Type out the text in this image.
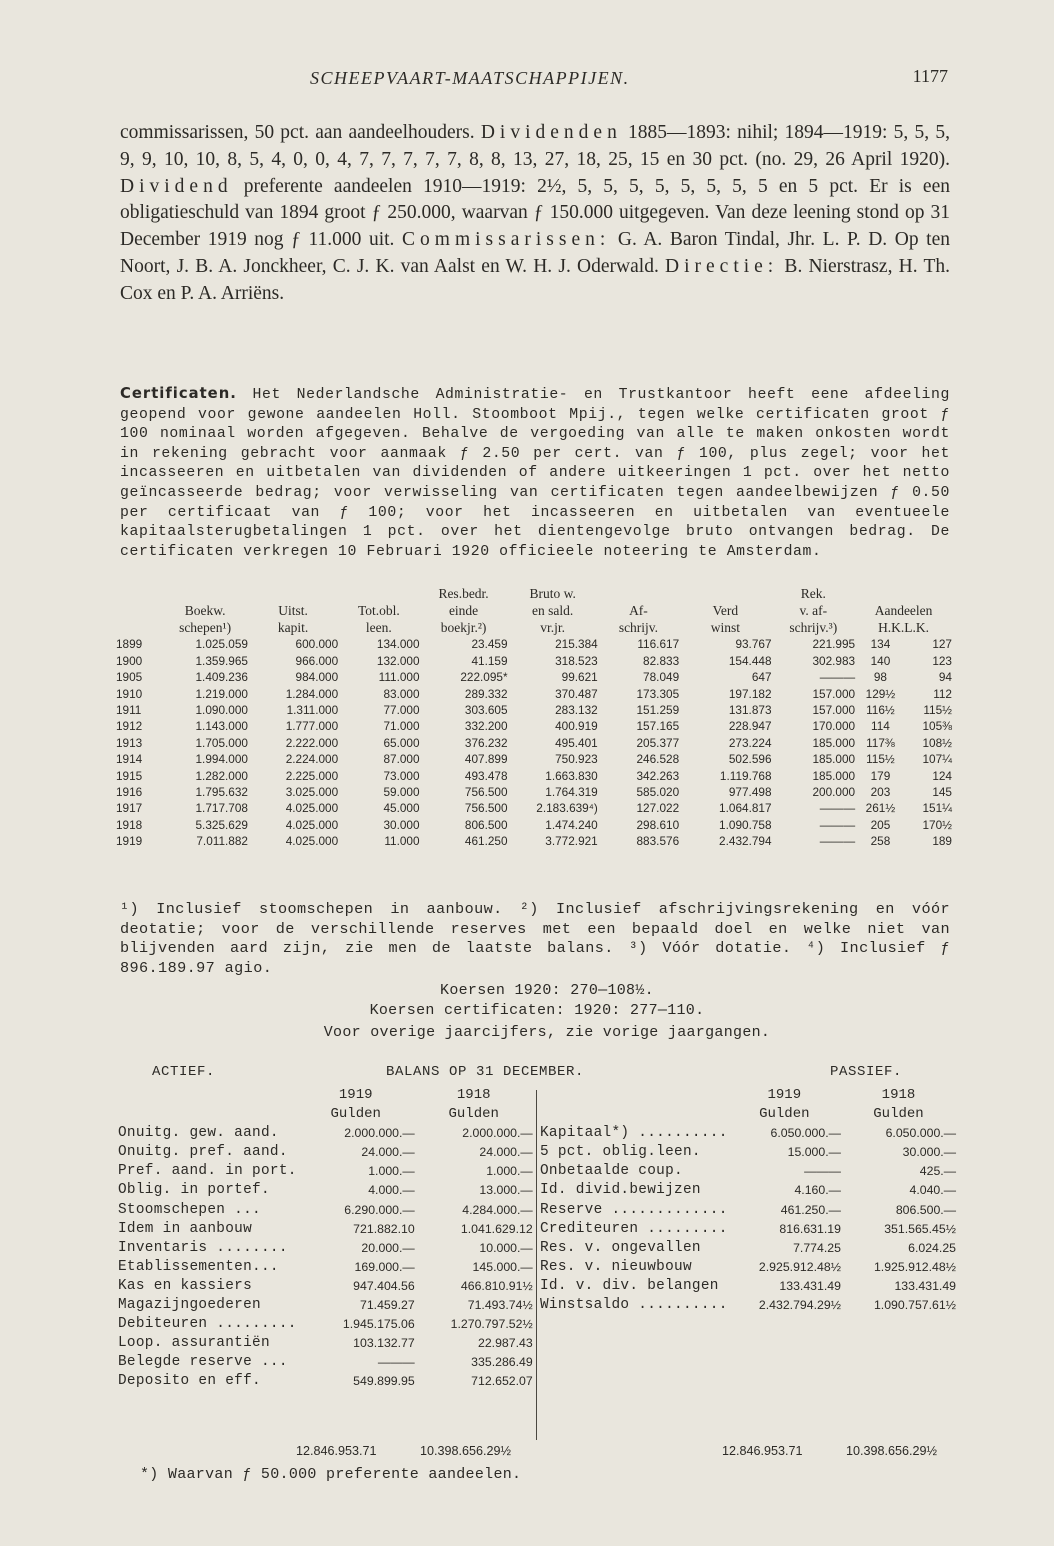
SCHEEPVAART-MAATSCHAPPIJEN.	1177
commissarissen, 50 pct. aan aandeelhouders. Dividenden 1885—1893: nihil; 1894—1919: 5, 5, 5, 9, 9, 10, 10, 8, 5, 4, 0, 0, 4, 7, 7, 7, 7, 7, 8, 8, 13, 27, 18, 25, 15 en 30 pct. (no. 29, 26 April 1920). Dividend preferente aandeelen 1910—1919: 2½, 5, 5, 5, 5, 5, 5, 5, 5 en 5 pct. Er is een obligatieschuld van 1894 groot ƒ 250.000, waarvan ƒ 150.000 uitgegeven. Van deze leening stond op 31 December 1919 nog ƒ 11.000 uit. Commissarissen: G. A. Baron Tindal, Jhr. L. P. D. Op ten Noort, J. B. A. Jonckheer, C. J. K. van Aalst en W. H. J. Oderwald. Directie: B. Nierstrasz, H. Th. Cox en P. A. Arriëns.
Certificaten. Het Nederlandsche Administratie- en Trustkantoor heeft eene afdeeling geopend voor gewone aandeelen Holl. Stoomboot Mpij., tegen welke certificaten groot ƒ 100 nominaal worden afgegeven. Behalve de vergoeding van alle te maken onkosten wordt in rekening gebracht voor aanmaak ƒ 2.50 per cert. van ƒ 100, plus zegel; voor het incasseeren en uitbetalen van dividenden of andere uitkeeringen 1 pct. over het netto geïncasseerde bedrag; voor verwisseling van certificaten tegen aandeelbewijzen ƒ 0.50 per certificaat van ƒ 100; voor het incasseeren en uitbetalen van eventueele kapitaalsterugbetalingen 1 pct. over het dientengevolge bruto ontvangen bedrag. De certificaten verkregen 10 Februari 1920 officieele noteering te Amsterdam.
				Res.bedr.	Bruto w.			Rek.		
	Boekw.	Uitst.	Tot.obl.	einde	en sald.	Af-	Verd	v. af-	Aandeelen	
	schepen¹)	kapit.	leen.	boekjr.²)	vr.jr.	schrijv.	winst	schrijv.³)	H.K.L.K.	
1899	1.025.059	600.000	134.000	23.459	215.384	116.617	93.767	221.995	134	127
1900	1.359.965	966.000	132.000	41.159	318.523	82.833	154.448	302.983	140	123
1905	1.409.236	984.000	111.000	222.095*	99.621	78.049	647	———	98	94
1910	1.219.000	1.284.000	83.000	289.332	370.487	173.305	197.182	157.000	129½	112
1911	1.090.000	1.311.000	77.000	303.605	283.132	151.259	131.873	157.000	116½	115½
1912	1.143.000	1.777.000	71.000	332.200	400.919	157.165	228.947	170.000	114	105⅜
1913	1.705.000	2.222.000	65.000	376.232	495.401	205.377	273.224	185.000	117⅜	108½
1914	1.994.000	2.224.000	87.000	407.899	750.923	246.528	502.596	185.000	115½	107¼
1915	1.282.000	2.225.000	73.000	493.478	1.663.830	342.263	1.119.768	185.000	179	124
1916	1.795.632	3.025.000	59.000	756.500	1.764.319	585.020	977.498	200.000	203	145
1917	1.717.708	4.025.000	45.000	756.500	2.183.639⁴)	127.022	1.064.817	———	261½	151¼
1918	5.325.629	4.025.000	30.000	806.500	1.474.240	298.610	1.090.758	———	205	170½
1919	7.011.882	4.025.000	11.000	461.250	3.772.921	883.576	2.432.794	———	258	189
¹) Inclusief stoomschepen in aanbouw. ²) Inclusief afschrijvingsrekening en vóór deotatie; voor de verschillende reserves met een bepaald doel en welke niet van blijvenden aard zijn, zie men de laatste balans. ³) Vóór dotatie. ⁴) Inclusief ƒ 896.189.97 agio.
Koersen 1920: 270—108½.
Koersen certificaten: 1920: 277—110.
Voor overige jaarcijfers, zie vorige jaargangen.
ACTIEF.	BALANS OP 31 DECEMBER.	PASSIEF.
	1919	1918
	Gulden	Gulden
Onuitg. gew. aand.	2.000.000.—	2.000.000.—
Onuitg. pref. aand.	24.000.—	24.000.—
Pref. aand. in port.	1.000.—	1.000.—
Oblig. in portef.	4.000.—	13.000.—
Stoomschepen ...	6.290.000.—	4.284.000.—
Idem in aanbouw	721.882.10	1.041.629.12
Inventaris ........	20.000.—	10.000.—
Etablissementen...	169.000.—	145.000.—
Kas en kassiers	947.404.56	466.810.91½
Magazijngoederen	71.459.27	71.493.74½
Debiteuren .........	1.945.175.06	1.270.797.52½
Loop. assurantiën	103.132.77	22.987.43
Belegde reserve ...	———	335.286.49
Deposito en eff.	549.899.95	712.652.07
	1919	1918
	Gulden	Gulden
Kapitaal*) ..........	6.050.000.—	6.050.000.—
5 pct. oblig.leen.	15.000.—	30.000.—
Onbetaalde coup.	———	425.—
Id. divid.bewijzen	4.160.—	4.040.—
Reserve .............	461.250.—	806.500.—
Crediteuren .........	816.631.19	351.565.45½
Res. v. ongevallen	7.774.25	6.024.25
Res. v. nieuwbouw	2.925.912.48½	1.925.912.48½
Id. v. div. belangen	133.431.49	133.431.49
Winstsaldo ..........	2.432.794.29½	1.090.757.61½
12.846.953.71	10.398.656.29½	12.846.953.71	10.398.656.29½
*) Waarvan ƒ 50.000 preferente aandeelen.
